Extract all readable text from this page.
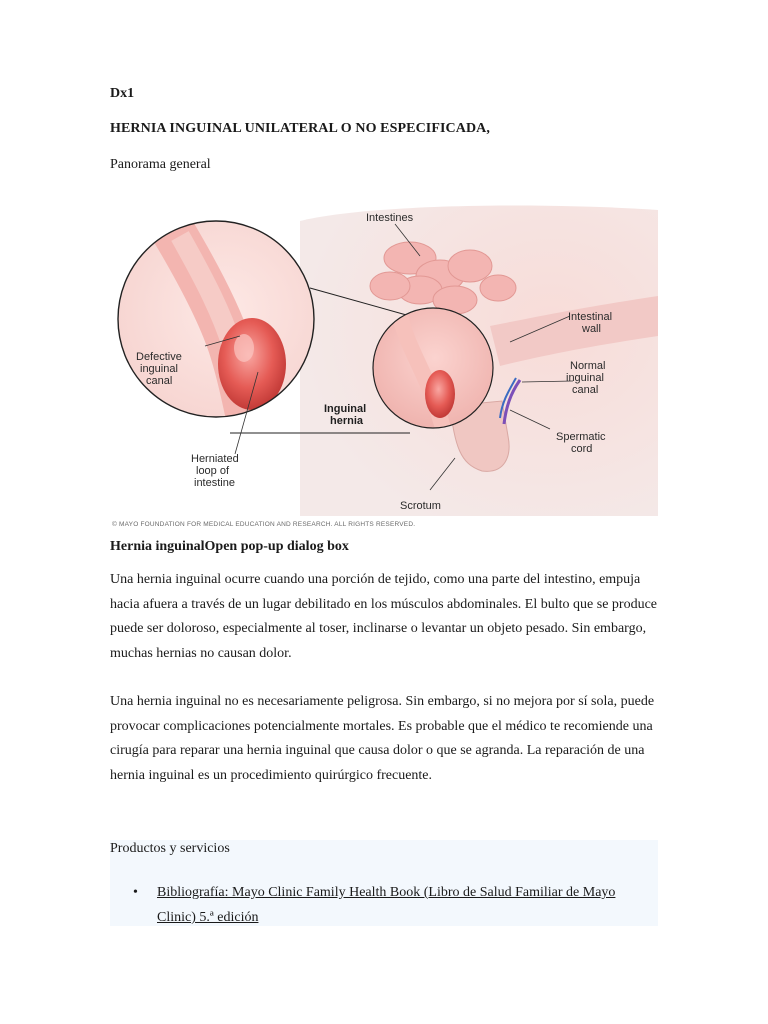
Dx1

HERNIA INGUINAL UNILATERAL O NO ESPECIFICADA,

Panorama general

Intestines
Intestinal
wall
Defective
inguinal
canal
Normal
inguinal
canal
Inguinal
hernia
Spermatic
cord
Herniated
loop of
intestine
Scrotum
© MAYO FOUNDATION FOR MEDICAL EDUCATION AND RESEARCH. ALL RIGHTS RESERVED.

Hernia inguinalOpen pop-up dialog box

Una hernia inguinal ocurre cuando una porción de tejido, como una parte del intestino, empuja hacia afuera a través de un lugar debilitado en los músculos abdominales. El bulto que se produce puede ser doloroso, especialmente al toser, inclinarse o levantar un objeto pesado. Sin embargo, muchas hernias no causan dolor.

Una hernia inguinal no es necesariamente peligrosa. Sin embargo, si no mejora por sí sola, puede provocar complicaciones potencialmente mortales. Es probable que el médico te recomiende una cirugía para reparar una hernia inguinal que causa dolor o que se agranda. La reparación de una hernia inguinal es un procedimiento quirúrgico frecuente.

Productos y servicios

• Bibliografía: Mayo Clinic Family Health Book (Libro de Salud Familiar de Mayo Clinic) 5.ª edición
